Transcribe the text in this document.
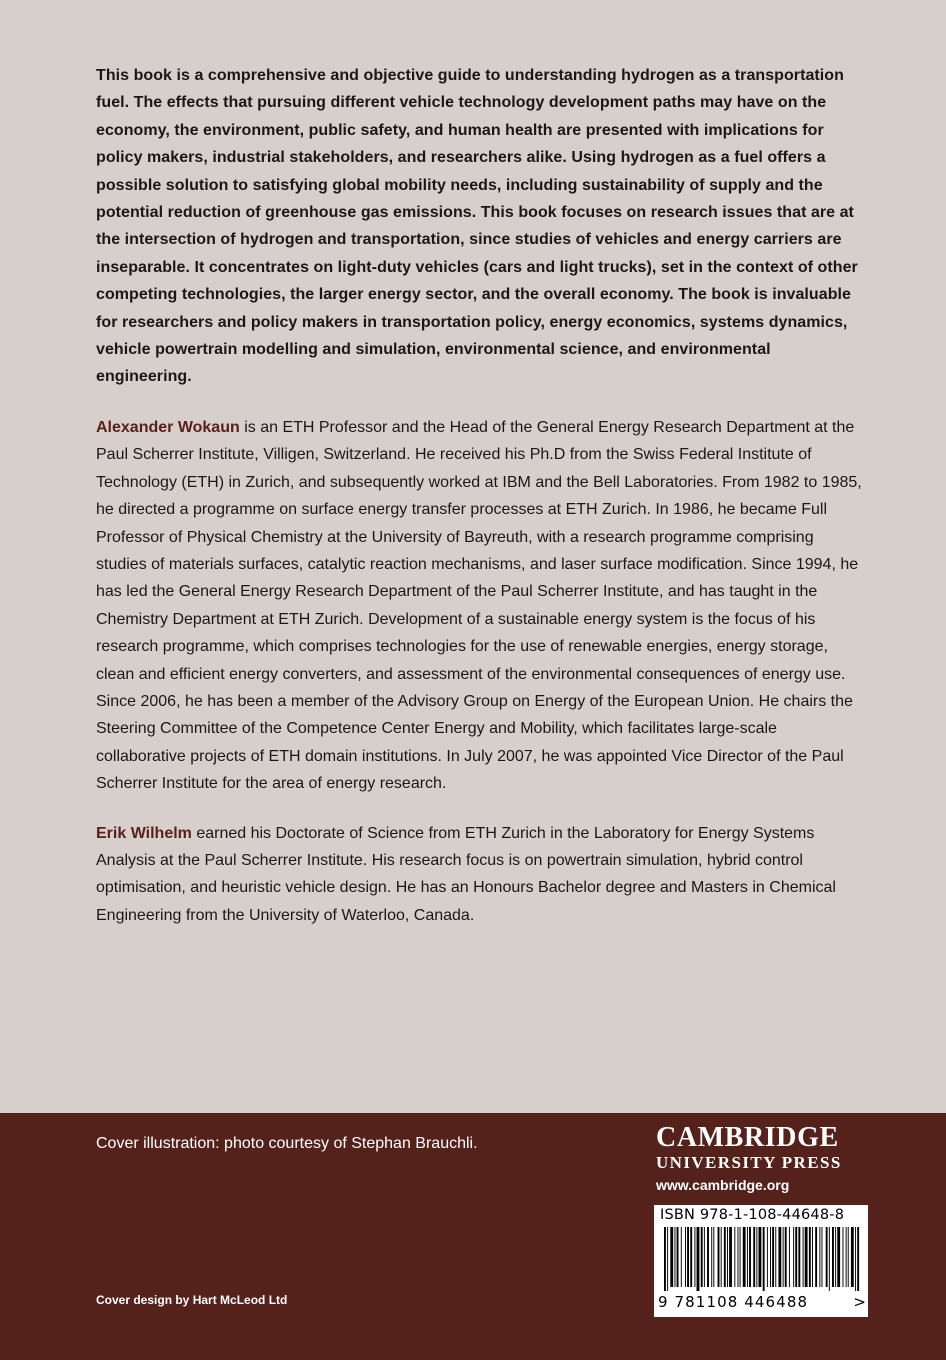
This book is a comprehensive and objective guide to understanding hydrogen as a transportation fuel. The effects that pursuing different vehicle technology development paths may have on the economy, the environment, public safety, and human health are presented with implications for policy makers, industrial stakeholders, and researchers alike. Using hydrogen as a fuel offers a possible solution to satisfying global mobility needs, including sustainability of supply and the potential reduction of greenhouse gas emissions. This book focuses on research issues that are at the intersection of hydrogen and transportation, since studies of vehicles and energy carriers are inseparable. It concentrates on light-duty vehicles (cars and light trucks), set in the context of other competing technologies, the larger energy sector, and the overall economy. The book is invaluable for researchers and policy makers in transportation policy, energy economics, systems dynamics, vehicle powertrain modelling and simulation, environmental science, and environmental engineering.

Alexander Wokaun is an ETH Professor and the Head of the General Energy Research Department at the Paul Scherrer Institute, Villigen, Switzerland. He received his Ph.D from the Swiss Federal Institute of Technology (ETH) in Zurich, and subsequently worked at IBM and the Bell Laboratories. From 1982 to 1985, he directed a programme on surface energy transfer processes at ETH Zurich. In 1986, he became Full Professor of Physical Chemistry at the University of Bayreuth, with a research programme comprising studies of materials surfaces, catalytic reaction mechanisms, and laser surface modification. Since 1994, he has led the General Energy Research Department of the Paul Scherrer Institute, and has taught in the Chemistry Department at ETH Zurich. Development of a sustainable energy system is the focus of his research programme, which comprises technologies for the use of renewable energies, energy storage, clean and efficient energy converters, and assessment of the environmental consequences of energy use. Since 2006, he has been a member of the Advisory Group on Energy of the European Union. He chairs the Steering Committee of the Competence Center Energy and Mobility, which facilitates large-scale collaborative projects of ETH domain institutions. In July 2007, he was appointed Vice Director of the Paul Scherrer Institute for the area of energy research.

Erik Wilhelm earned his Doctorate of Science from ETH Zurich in the Laboratory for Energy Systems Analysis at the Paul Scherrer Institute. His research focus is on powertrain simulation, hybrid control optimisation, and heuristic vehicle design. He has an Honours Bachelor degree and Masters in Chemical Engineering from the University of Waterloo, Canada.

Cover illustration: photo courtesy of Stephan Brauchli.
Cover design by Hart McLeod Ltd
CAMBRIDGE
UNIVERSITY PRESS
www.cambridge.org
ISBN 978-1-108-44648-8
9 781108 446488	>
